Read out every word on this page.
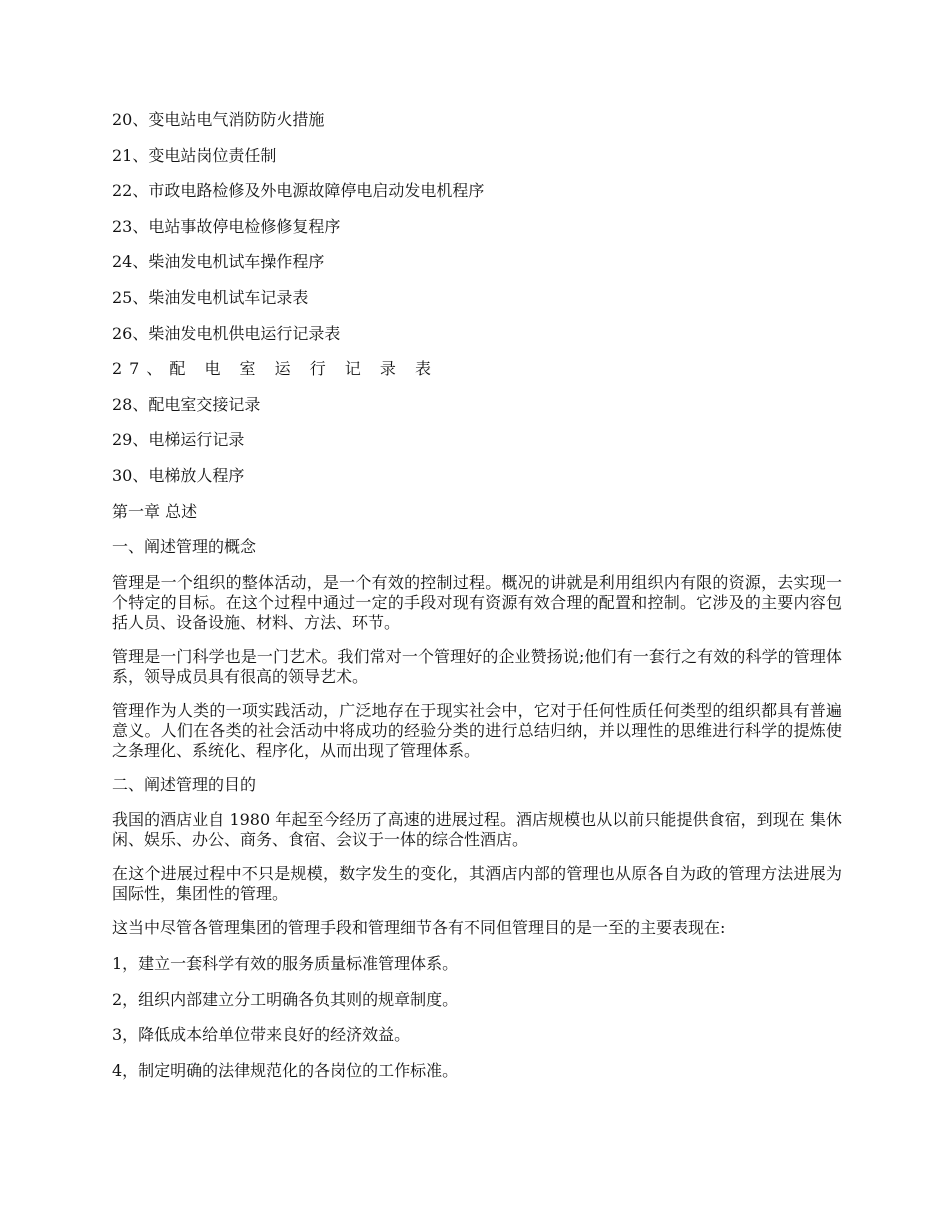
20、变电站电气消防防火措施
21、变电站岗位责任制
22、市政电路检修及外电源故障停电启动发电机程序
23、电站事故停电检修修复程序
24、柴油发电机试车操作程序
25、柴油发电机试车记录表
26、柴油发电机供电运行记录表
27、配 电 室 运 行 记 录 表
28、配电室交接记录
29、电梯运行记录
30、电梯放人程序
第一章 总述
一、阐述管理的概念

管理是一个组织的整体活动，是一个有效的控制过程。概况的讲就是利用组织内有限的资源，去实现一个特定的目标。在这个过程中通过一定的手段对现有资源有效合理的配置和控制。它涉及的主要内容包括人员、设备设施、材料、方法、环节。

管理是一门科学也是一门艺术。我们常对一个管理好的企业赞扬说;他们有一套行之有效的科学的管理体系，领导成员具有很高的领导艺术。

管理作为人类的一项实践活动，广泛地存在于现实社会中，它对于任何性质任何类型的组织都具有普遍意义。人们在各类的社会活动中将成功的经验分类的进行总结归纳，并以理性的思维进行科学的提炼使之条理化、系统化、程序化，从而出现了管理体系。

二、阐述管理的目的

我国的酒店业自 1980 年起至今经历了高速的进展过程。酒店规模也从以前只能提供食宿，到现在 集休闲、娱乐、办公、商务、食宿、会议于一体的综合性酒店。

在这个进展过程中不只是规模，数字发生的变化，其酒店内部的管理也从原各自为政的管理方法进展为国际性，集团性的管理。

这当中尽管各管理集团的管理手段和管理细节各有不同但管理目的是一至的主要表现在:
1，建立一套科学有效的服务质量标准管理体系。
2，组织内部建立分工明确各负其则的规章制度。
3，降低成本给单位带来良好的经济效益。
4，制定明确的法律规范化的各岗位的工作标准。
